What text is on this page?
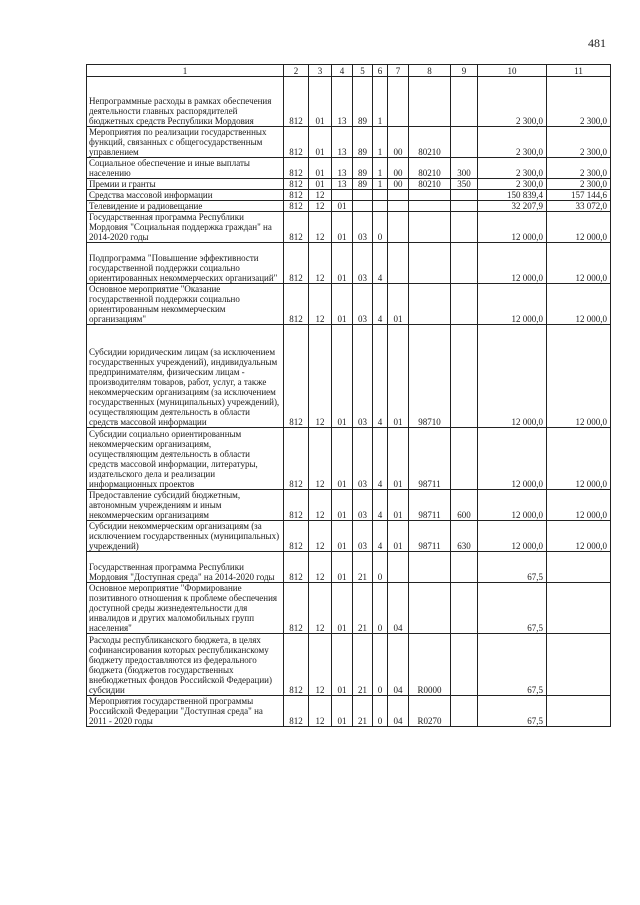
481
1	2	3	4	5	6	7	8	9	10	11
Непрограммные расходы в рамках обеспечения деятельности главных распорядителей бюджетных средств Республики Мордовия	812	01	13	89	1				2 300,0	2 300,0
Мероприятия по реализации государственных функций, связанных с общегосударственным управлением	812	01	13	89	1	00	80210		2 300,0	2 300,0
Социальное обеспечение и иные выплаты населению	812	01	13	89	1	00	80210	300	2 300,0	2 300,0
Премии и гранты	812	01	13	89	1	00	80210	350	2 300,0	2 300,0
Средства массовой информации	812	12							150 839,4	157 144,6
Телевидение и радиовещание	812	12	01						32 207,9	33 072,0
Государственная программа Республики Мордовия "Социальная поддержка граждан" на 2014-2020 годы	812	12	01	03	0				12 000,0	12 000,0
Подпрограмма "Повышение эффективности государственной поддержки социально ориентированных некоммерческих организаций"	812	12	01	03	4				12 000,0	12 000,0
Основное мероприятие "Оказание государственной поддержки социально ориентированным некоммерческим организациям"	812	12	01	03	4	01			12 000,0	12 000,0
Субсидии юридическим лицам (за исключением государственных учреждений), индивидуальным предпринимателям, физическим лицам - производителям товаров, работ, услуг, а также некоммерческим организациям (за исключением государственных (муниципальных) учреждений), осуществляющим деятельность в области средств массовой информации	812	12	01	03	4	01	98710		12 000,0	12 000,0
Субсидии социально ориентированным некоммерческим организациям, осуществляющим деятельность в области средств массовой информации, литературы, издательского дела и реализации информационных проектов	812	12	01	03	4	01	98711		12 000,0	12 000,0
Предоставление субсидий бюджетным, автономным учреждениям и иным некоммерческим организациям	812	12	01	03	4	01	98711	600	12 000,0	12 000,0
Субсидии некоммерческим организациям (за исключением государственных (муниципальных) учреждений)	812	12	01	03	4	01	98711	630	12 000,0	12 000,0
Государственная программа Республики Мордовия "Доступная среда" на 2014-2020 годы	812	12	01	21	0				67,5	
Основное мероприятие "Формирование позитивного отношения к проблеме обеспечения доступной среды жизнедеятельности для инвалидов и других маломобильных групп населения"	812	12	01	21	0	04			67,5	
Расходы республиканского бюджета, в целях софинансирования которых республиканскому бюджету предоставляются из федерального бюджета (бюджетов государственных внебюджетных фондов Российской Федерации) субсидии	812	12	01	21	0	04	R0000		67,5	
Мероприятия государственной программы Российской Федерации "Доступная среда" на 2011 - 2020 годы	812	12	01	21	0	04	R0270		67,5	
